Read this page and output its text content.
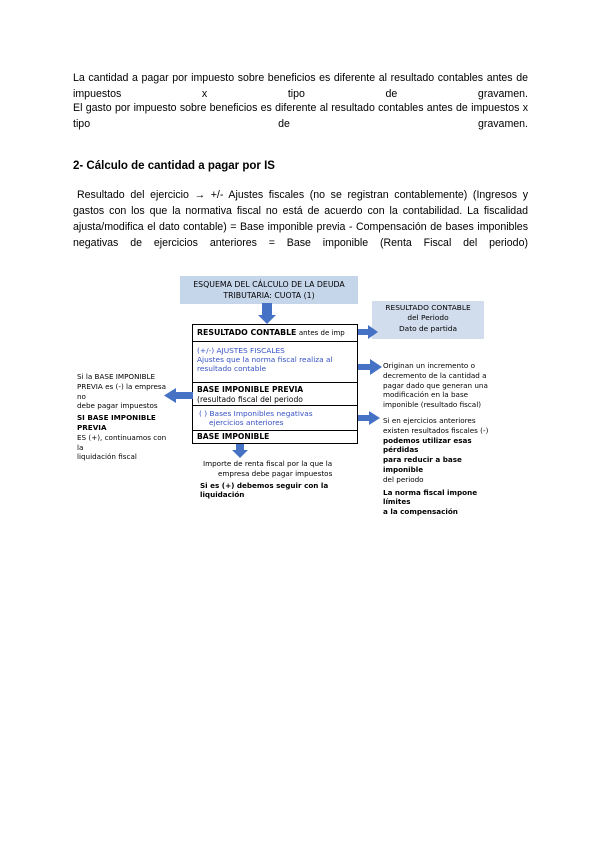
La cantidad a pagar por impuesto sobre beneficios es diferente al resultado contables antes de impuestos x tipo de gravamen.
El gasto por impuesto sobre beneficios es diferente al resultado contables antes de impuestos x tipo de gravamen.
2- Cálculo de cantidad a pagar por IS
Resultado del ejercicio → +/- Ajustes fiscales (no se registran contablemente) (Ingresos y gastos con los que la normativa fiscal no está de acuerdo con la contabilidad. La fiscalidad ajusta/modifica el dato contable) = Base imponible previa - Compensación de bases imponibles negativas de ejercicios anteriores = Base imponible (Renta Fiscal del periodo)
ESQUEMA DEL CÁLCULO DE LA DEUDA
TRIBUTARIA: CUOTA (1)
RESULTADO CONTABLE antes de imp
(+/-) AJUSTES FISCALES
Ajustes que la norma fiscal realiza al
resultado contable
BASE IMPONIBLE PREVIA
(resultado fiscal del periodo
( ) Bases Imponibles negativas
ejercicios anteriores
BASE IMPONIBLE
RESULTADO CONTABLE
del Periodo
Dato de partida
Originan un incremento o
decremento de la cantidad a
pagar dado que generan una
modificación en la base
imponible (resultado fiscal)
Si en ejercicios anteriores
existen resultados fiscales (-)
podemos utilizar esas pérdidas
para reducir a base imponible
del periodo
La norma fiscal impone límites
a la compensación
Si la BASE IMPONIBLE
PREVIA es (-) la empresa no
debe pagar impuestos
SI BASE IMPONIBLE PREVIA
ES (+), continuamos con la
liquidación fiscal
Importe de renta fiscal por la que la
empresa debe pagar impuestos
Si es (+) debemos seguir con la liquidación
